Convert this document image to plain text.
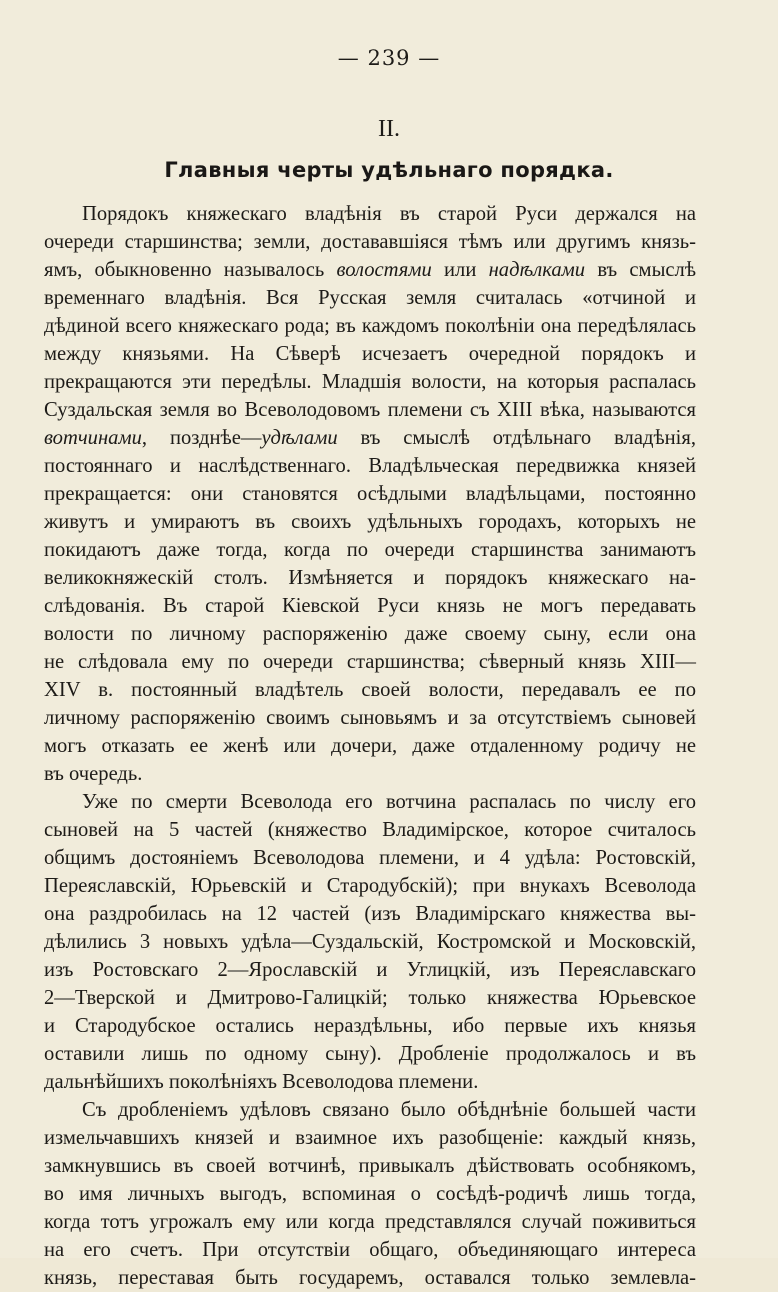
— 239 —
II.
Главныя черты удѣльнаго порядка.
Порядокъ княжескаго владѣнія въ старой Руси держался на
очереди старшинства; земли, достававшіяся тѣмъ или другимъ князь-
ямъ, обыкновенно называлось волостями или надѣлками въ смыслѣ
временнаго владѣнія. Вся Русская земля считалась «отчиной и
дѣдиной всего княжескаго рода; въ каждомъ поколѣніи она передѣлялась
между князьями. На Сѣверѣ исчезаетъ очередной порядокъ и
прекращаются эти передѣлы. Младшія волости, на которыя распалась
Суздальская земля во Всеволодовомъ племени съ XIII вѣка, называются
вотчинами, позднѣе—удѣлами въ смыслѣ отдѣльнаго владѣнія,
постояннаго и наслѣдственнаго. Владѣльческая передвижка князей
прекращается: они становятся осѣдлыми владѣльцами, постоянно
живутъ и умираютъ въ своихъ удѣльныхъ городахъ, которыхъ не
покидаютъ даже тогда, когда по очереди старшинства занимаютъ
великокняжескій столъ. Измѣняется и порядокъ княжескаго на-
слѣдованія. Въ старой Кіевской Руси князь не могъ передавать
волости по личному распоряженію даже своему сыну, если она
не слѣдовала ему по очереди старшинства; сѣверный князь XIII—
XIV в. постоянный владѣтель своей волости, передавалъ ее по
личному распоряженію своимъ сыновьямъ и за отсутствіемъ сыновей
могъ отказать ее женѣ или дочери, даже отдаленному родичу не
въ очередь.
Уже по смерти Всеволода его вотчина распалась по числу его
сыновей на 5 частей (княжество Владимірское, которое считалось
общимъ достояніемъ Всеволодова племени, и 4 удѣла: Ростовскій,
Переяславскій, Юрьевскій и Стародубскій); при внукахъ Всеволода
она раздробилась на 12 частей (изъ Владимірскаго княжества вы-
дѣлились 3 новыхъ удѣла—Суздальскій, Костромской и Московскій,
изъ Ростовскаго 2—Ярославскій и Углицкій, изъ Переяславскаго
2—Тверской и Дмитрово-Галицкій; только княжества Юрьевское
и Стародубское остались нераздѣльны, ибо первые ихъ князья
оставили лишь по одному сыну). Дробленіе продолжалось и въ
дальнѣйшихъ поколѣніяхъ Всеволодова племени.
Съ дробленіемъ удѣловъ связано было обѣднѣніе большей части
измельчавшихъ князей и взаимное ихъ разобщеніе: каждый князь,
замкнувшись въ своей вотчинѣ, привыкалъ дѣйствовать особнякомъ,
во имя личныхъ выгодъ, вспоминая о сосѣдѣ-родичѣ лишь тогда,
когда тотъ угрожалъ ему или когда представлялся случай поживиться
на его счетъ. При отсутствіи общаго, объединяющаго интереса
князь, переставая быть государемъ, оставался только землевла-
